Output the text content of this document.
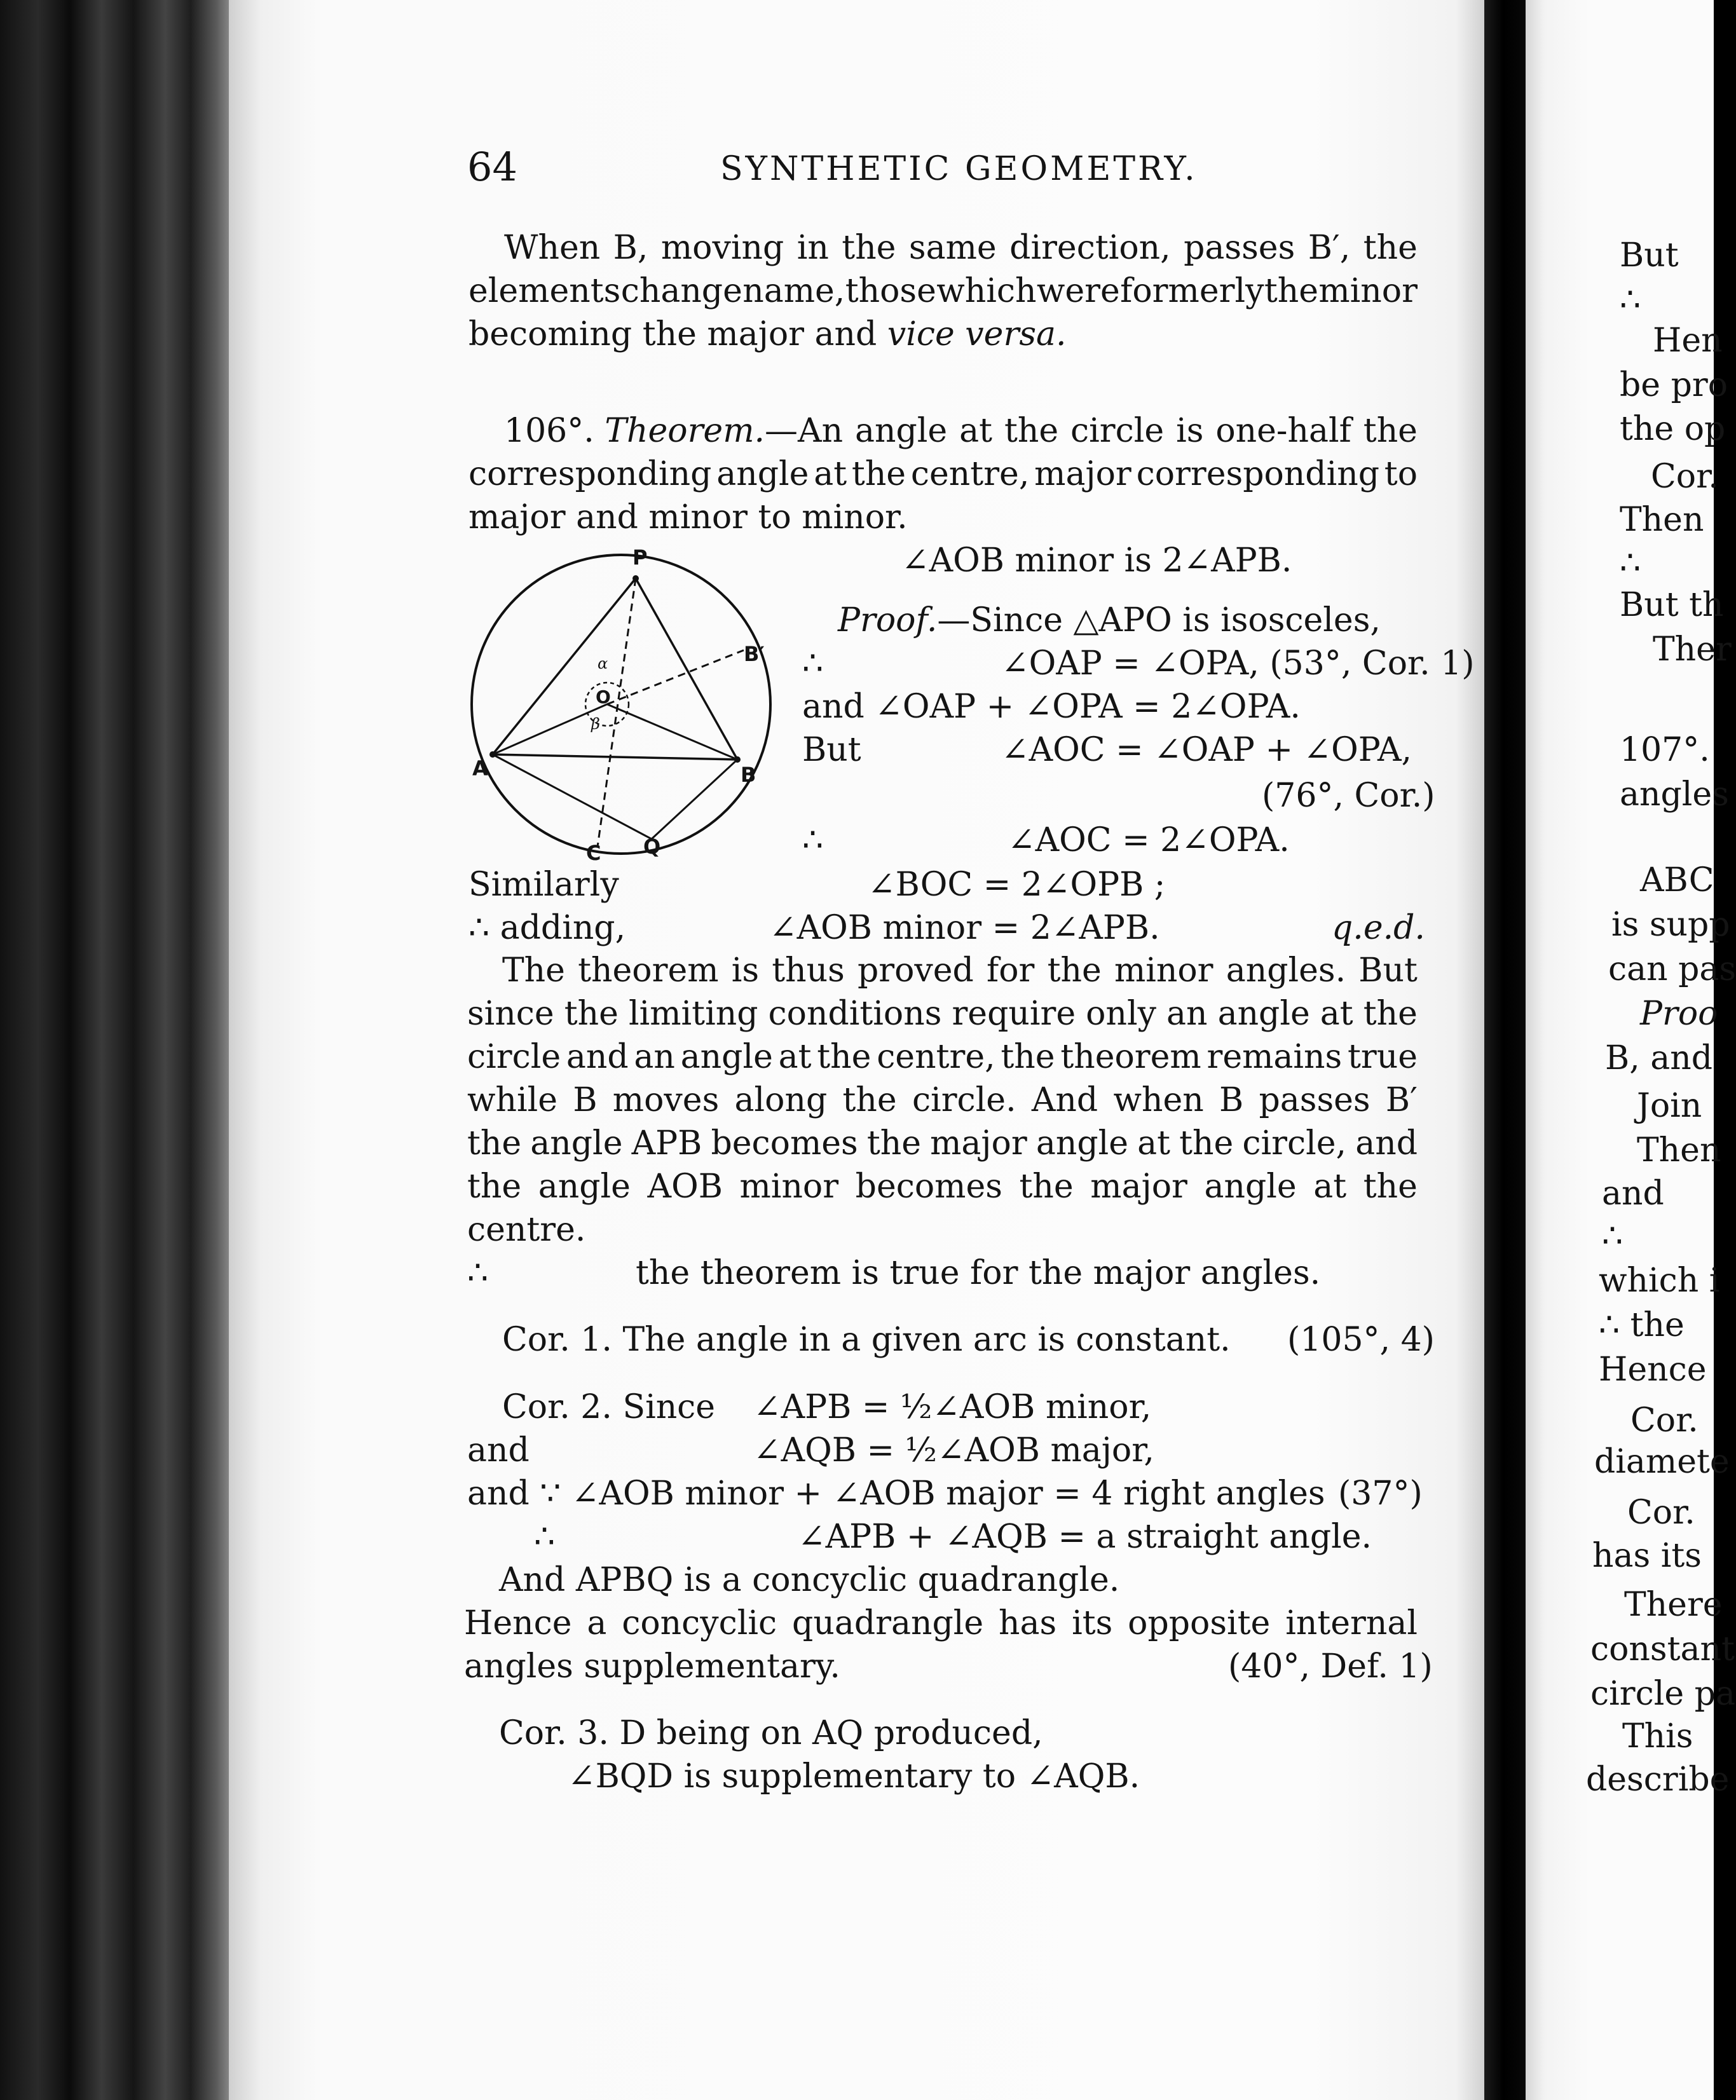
64	SYNTHETIC GEOMETRY.
When B, moving in the same direction, passes B′, the
elements change name, those which were formerly the minor
becoming the major and vice versa.
106°. Theorem.—An angle at the circle is one-half the
corresponding angle at the centre, major corresponding to
major and minor to minor.
∠AOB minor is 2∠APB.
P
B′
A	B
C Q
O
α
β
Proof.—Since △APO is isosceles,
∴	∠OAP = ∠OPA, (53°, Cor. 1)
and ∠OAP + ∠OPA = 2∠OPA.
But	∠AOC = ∠OAP + ∠OPA,
(76°, Cor.)
∴	∠AOC = 2∠OPA.
Similarly	∠BOC = 2∠OPB ;
∴ adding,	∠AOB minor = 2∠APB.	q.e.d.
The theorem is thus proved for the minor angles. But
since the limiting conditions require only an angle at the
circle and an angle at the centre, the theorem remains true
while B moves along the circle. And when B passes B′
the angle APB becomes the major angle at the circle, and
the angle AOB minor becomes the major angle at the
centre.
∴	the theorem is true for the major angles.
Cor. 1. The angle in a given arc is constant. (105°, 4)
Cor. 2. Since ∠APB = ½∠AOB minor,
and	∠AQB = ½∠AOB major,
and ∵ ∠AOB minor + ∠AOB major = 4 right angles (37°)
∴	∠APB + ∠AQB = a straight angle.
And APBQ is a concyclic quadrangle.
Hence a concyclic quadrangle has its opposite internal
angles supplementary.	(40°, Def. 1)
Cor. 3. D being on AQ produced,
∠BQD is supplementary to ∠AQB.
But
∴
Hen
be pro
the op
Cor.
Then
∴
But th
Ther
107°.
angles
ABC
is supp
can pas
Proo
B, and
Join
Then
and
∴
which i
∴ the
Hence
Cor.
diamete
Cor.
has its
There
constant
circle pa
This
describe
